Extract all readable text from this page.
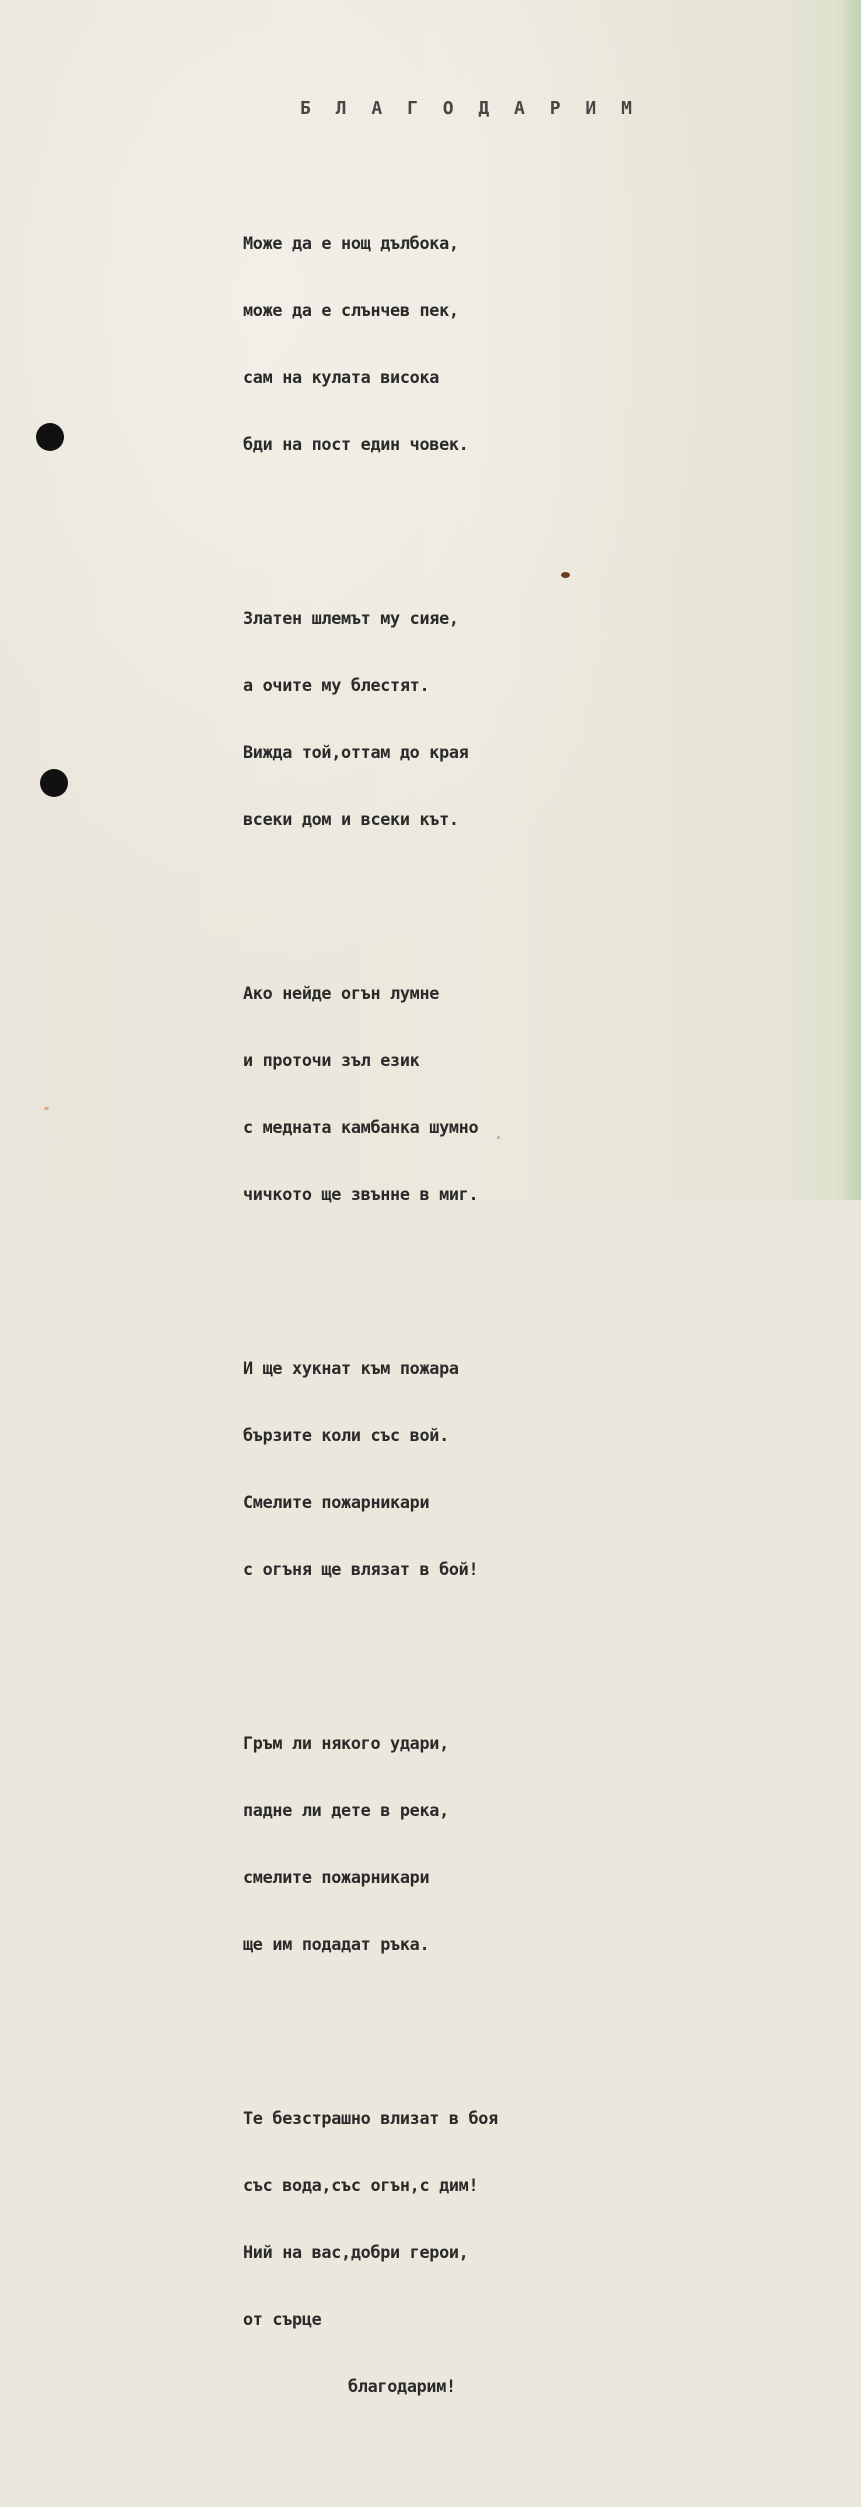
Б Л А Г О Д А Р И М

Може да е нощ дълбока,

може да е слънчев пек,

сам на кулата висока

бди на пост един човек.

Златен шлемът му сияе,

а очите му блестят.

Вижда той,оттам до края

всеки дом и всеки кът.

Ако нейде огън лумне

и проточи зъл език

с медната камбанка шумно

чичкото ще звънне в миг.

И ще хукнат към пожара

бързите коли със вой.

Смелите пожарникари

с огъня ще влязат в бой!

Гръм ли някого удари,

падне ли дете в река,

смелите пожарникари

ще им подадат ръка.

Те безстрашно влизат в боя

със вода,със огън,с дим!

Ний на вас,добри герои,

от сърце

благодарим!
